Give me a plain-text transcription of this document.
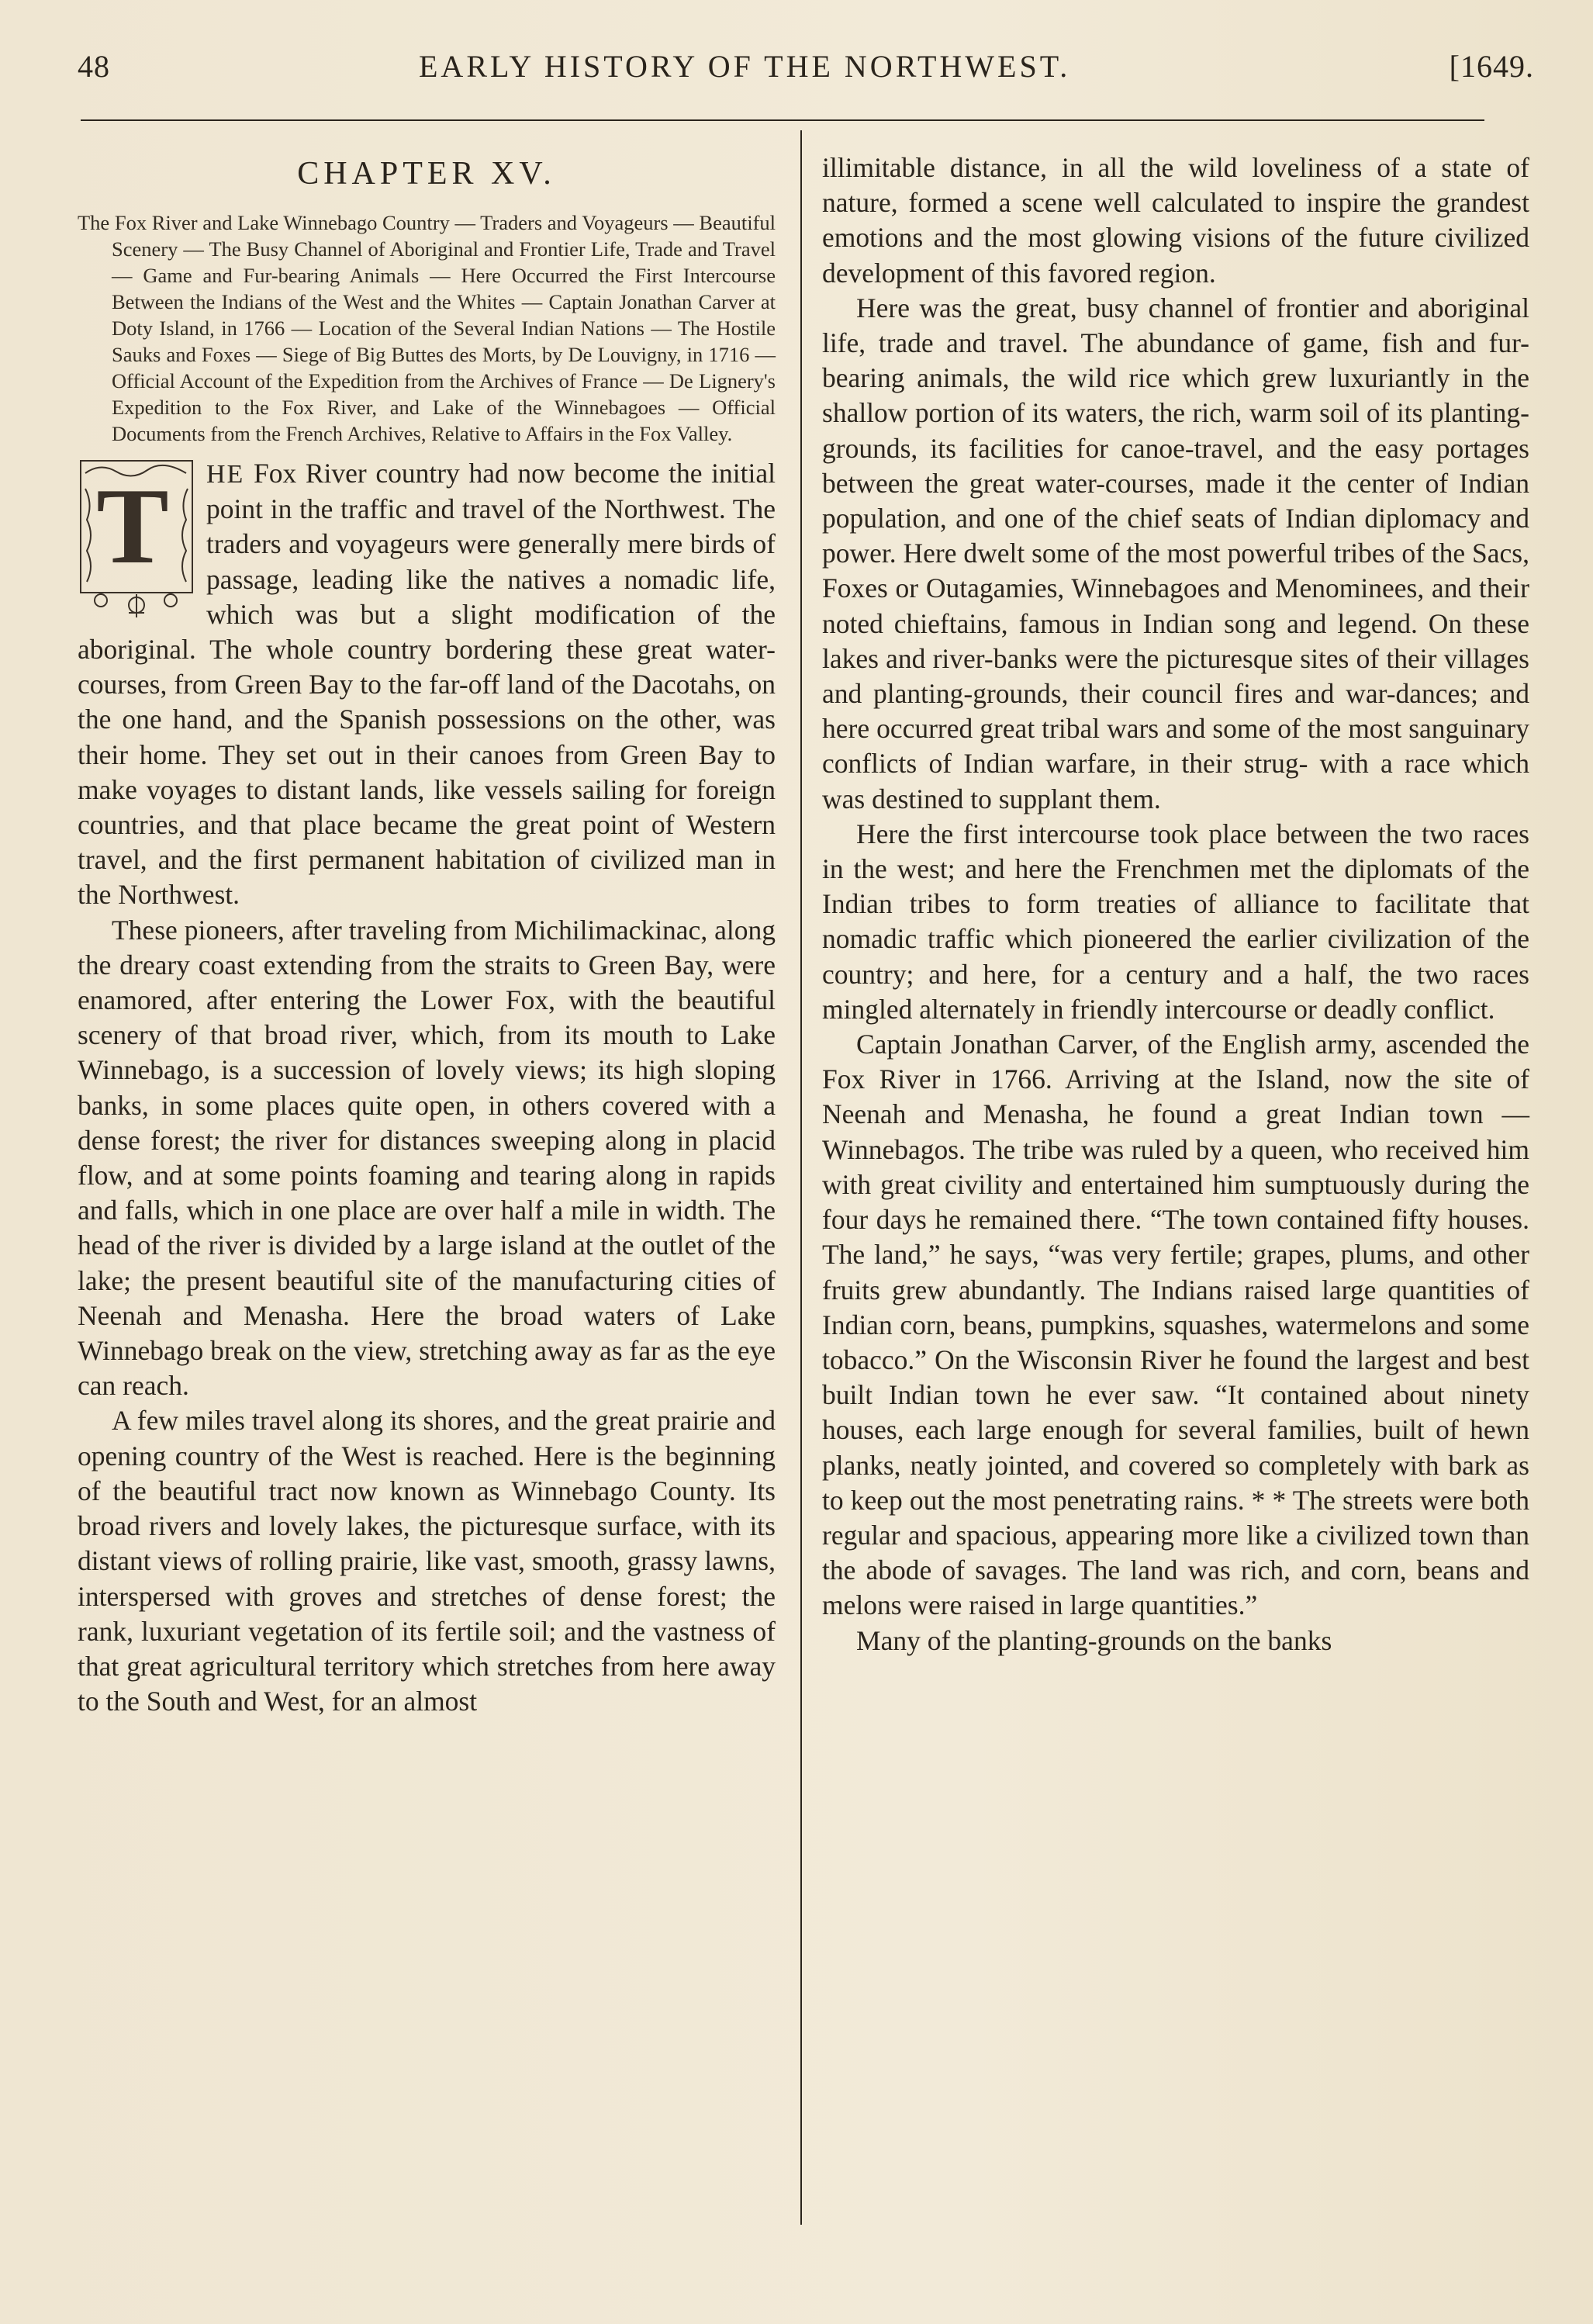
48	EARLY HISTORY OF THE NORTHWEST.	[1649.
CHAPTER XV.
The Fox River and Lake Winnebago Country — Traders and Voyageurs — Beautiful Scenery — The Busy Channel of Aboriginal and Frontier Life, Trade and Travel — Game and Fur-bearing Animals — Here Occurred the First Intercourse Between the Indians of the West and the Whites — Captain Jonathan Carver at Doty Island, in 1766 — Location of the Several Indian Nations — The Hostile Sauks and Foxes — Siege of Big Buttes des Morts, by De Louvigny, in 1716 — Official Account of the Expedition from the Archives of France — De Lignery's Expedition to the Fox River, and Lake of the Winnebagoes — Official Documents from the French Archives, Relative to Affairs in the Fox Valley.

T HE Fox River country had now become the initial point in the traffic and travel of the Northwest. The traders and voyageurs were generally mere birds of passage, leading like the natives a nomadic life, which was but a slight modification of the aboriginal. The whole country bordering these great water-courses, from Green Bay to the far-off land of the Dacotahs, on the one hand, and the Spanish possessions on the other, was their home. They set out in their canoes from Green Bay to make voyages to distant lands, like vessels sailing for foreign countries, and that place became the great point of Western travel, and the first permanent habitation of civilized man in the Northwest.

These pioneers, after traveling from Michilimackinac, along the dreary coast extending from the straits to Green Bay, were enamored, after entering the Lower Fox, with the beautiful scenery of that broad river, which, from its mouth to Lake Winnebago, is a succession of lovely views; its high sloping banks, in some places quite open, in others covered with a dense forest; the river for distances sweeping along in placid flow, and at some points foaming and tearing along in rapids and falls, which in one place are over half a mile in width. The head of the river is divided by a large island at the outlet of the lake; the present beautiful site of the manufacturing cities of Neenah and Menasha. Here the broad waters of Lake Winnebago break on the view, stretching away as far as the eye can reach.

A few miles travel along its shores, and the great prairie and opening country of the West is reached. Here is the beginning of the beautiful tract now known as Winnebago County. Its broad rivers and lovely lakes, the picturesque surface, with its distant views of rolling prairie, like vast, smooth, grassy lawns, interspersed with groves and stretches of dense forest; the rank, luxuriant vegetation of its fertile soil; and the vastness of that great agricultural territory which stretches from here away to the South and West, for an almost

illimitable distance, in all the wild loveliness of a state of nature, formed a scene well calculated to inspire the grandest emotions and the most glowing visions of the future civilized development of this favored region.

Here was the great, busy channel of frontier and aboriginal life, trade and travel. The abundance of game, fish and fur-bearing animals, the wild rice which grew luxuriantly in the shallow portion of its waters, the rich, warm soil of its planting-grounds, its facilities for canoe-travel, and the easy portages between the great water-courses, made it the center of Indian population, and one of the chief seats of Indian diplomacy and power. Here dwelt some of the most powerful tribes of the Sacs, Foxes or Outagamies, Winnebagoes and Menominees, and their noted chieftains, famous in Indian song and legend. On these lakes and river-banks were the picturesque sites of their villages and planting-grounds, their council fires and war-dances; and here occurred great tribal wars and some of the most sanguinary conflicts of Indian warfare, in their strug- with a race which was destined to supplant them.

Here the first intercourse took place between the two races in the west; and here the Frenchmen met the diplomats of the Indian tribes to form treaties of alliance to facilitate that nomadic traffic which pioneered the earlier civilization of the country; and here, for a century and a half, the two races mingled alternately in friendly intercourse or deadly conflict.

Captain Jonathan Carver, of the English army, ascended the Fox River in 1766. Arriving at the Island, now the site of Neenah and Menasha, he found a great Indian town — Winnebagos. The tribe was ruled by a queen, who received him with great civility and entertained him sumptuously during the four days he remained there. “The town contained fifty houses. The land,” he says, “was very fertile; grapes, plums, and other fruits grew abundantly. The Indians raised large quantities of Indian corn, beans, pumpkins, squashes, watermelons and some tobacco.” On the Wisconsin River he found the largest and best built Indian town he ever saw. “It contained about ninety houses, each large enough for several families, built of hewn planks, neatly jointed, and covered so completely with bark as to keep out the most penetrating rains. * * The streets were both regular and spacious, appearing more like a civilized town than the abode of savages. The land was rich, and corn, beans and melons were raised in large quantities.”

Many of the planting-grounds on the banks
